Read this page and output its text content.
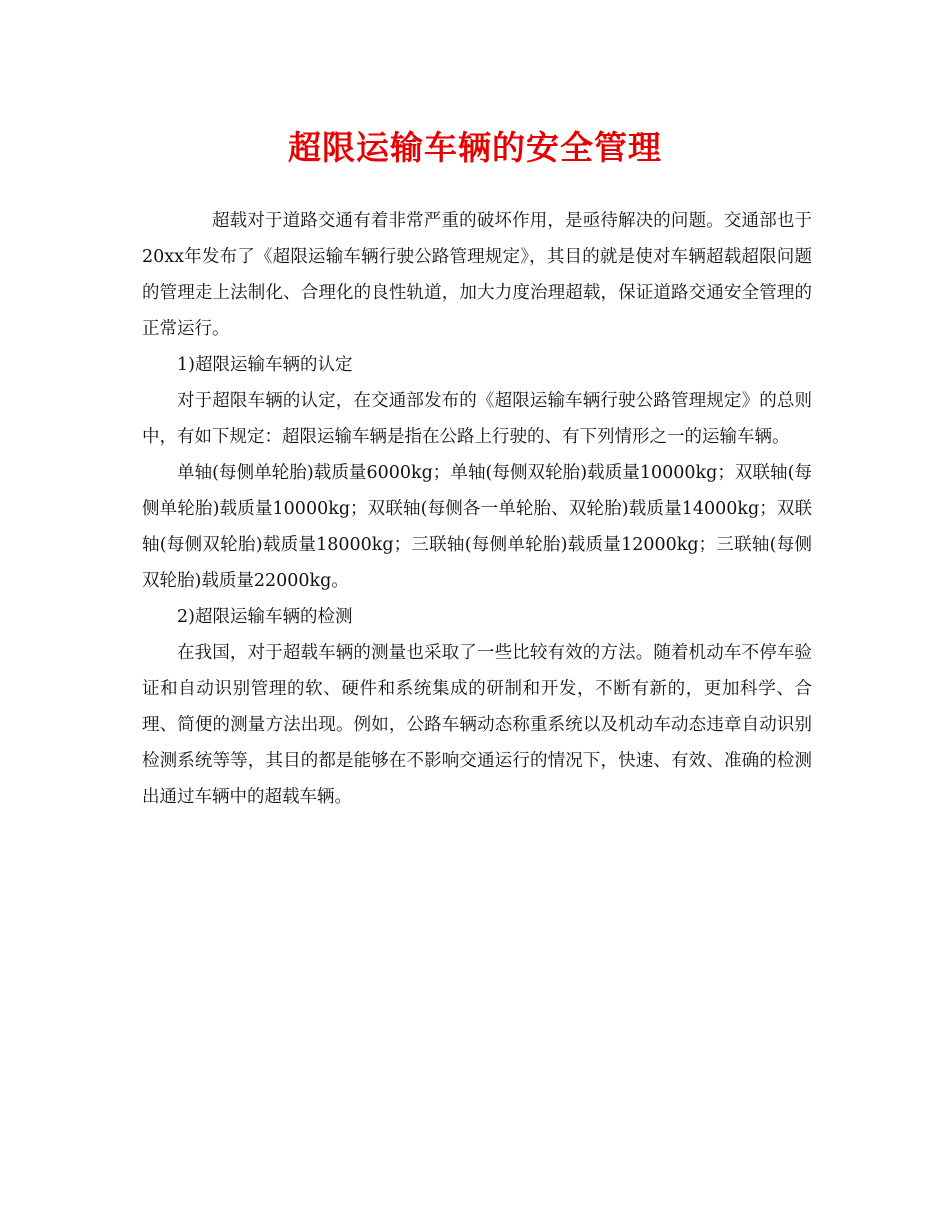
超限运输车辆的安全管理

超载对于道路交通有着非常严重的破坏作用，是亟待解决的问题。交通部也于20xx年发布了《超限运输车辆行驶公路管理规定》，其目的就是使对车辆超载超限问题的管理走上法制化、合理化的良性轨道，加大力度治理超载，保证道路交通安全管理的正常运行。

1)超限运输车辆的认定

对于超限车辆的认定，在交通部发布的《超限运输车辆行驶公路管理规定》的总则中，有如下规定：超限运输车辆是指在公路上行驶的、有下列情形之一的运输车辆。

单轴(每侧单轮胎)载质量6000kg；单轴(每侧双轮胎)载质量10000kg；双联轴(每侧单轮胎)载质量10000kg；双联轴(每侧各一单轮胎、双轮胎)载质量14000kg；双联轴(每侧双轮胎)载质量18000kg；三联轴(每侧单轮胎)载质量12000kg；三联轴(每侧双轮胎)载质量22000kg。

2)超限运输车辆的检测

在我国，对于超载车辆的测量也采取了一些比较有效的方法。随着机动车不停车验证和自动识别管理的软、硬件和系统集成的研制和开发，不断有新的，更加科学、合理、简便的测量方法出现。例如，公路车辆动态称重系统以及机动车动态违章自动识别检测系统等等，其目的都是能够在不影响交通运行的情况下，快速、有效、准确的检测出通过车辆中的超载车辆。
